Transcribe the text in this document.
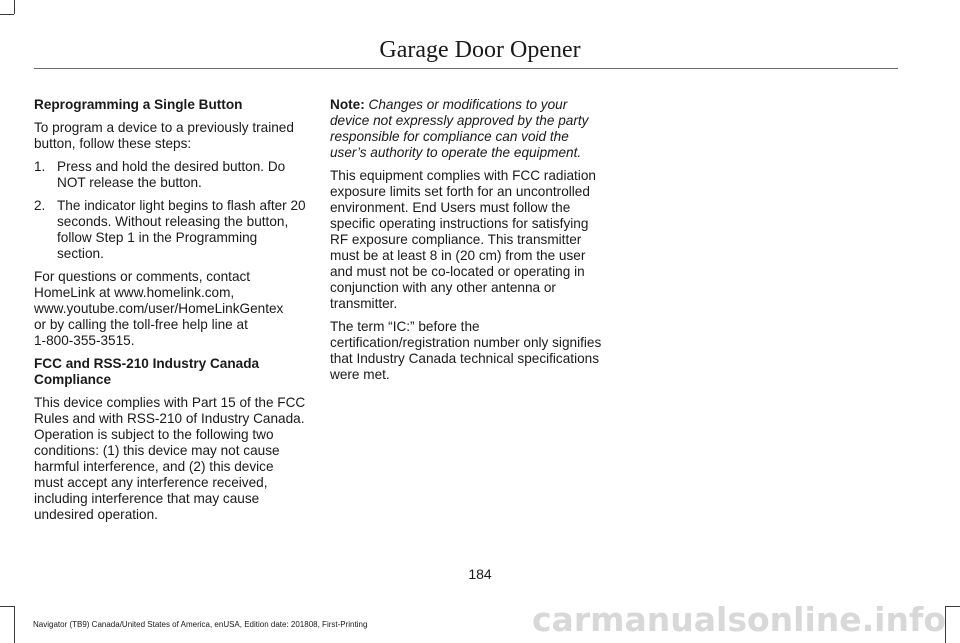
Garage Door Opener

Reprogramming a Single Button

To program a device to a previously trained button, follow these steps:

1. Press and hold the desired button. Do NOT release the button.
2. The indicator light begins to flash after 20 seconds. Without releasing the button, follow Step 1 in the Programming section.

For questions or comments, contact HomeLink at www.homelink.com,
www.youtube.com/user/HomeLinkGentex
or by calling the toll-free help line at
1-800-355-3515.

FCC and RSS-210 Industry Canada Compliance

This device complies with Part 15 of the FCC Rules and with RSS-210 of Industry Canada. Operation is subject to the following two conditions: (1) this device may not cause harmful interference, and (2) this device must accept any interference received, including interference that may cause undesired operation.

Note: Changes or modifications to your device not expressly approved by the party responsible for compliance can void the user’s authority to operate the equipment.

This equipment complies with FCC radiation exposure limits set forth for an uncontrolled environment. End Users must follow the specific operating instructions for satisfying RF exposure compliance. This transmitter must be at least 8 in (20 cm) from the user and must not be co-located or operating in conjunction with any other antenna or transmitter.

The term “IC:” before the certification/registration number only signifies that Industry Canada technical specifications were met.

184
Navigator (TB9) Canada/United States of America, enUSA, Edition date: 201808, First-Printing	carmanualsonline.info
